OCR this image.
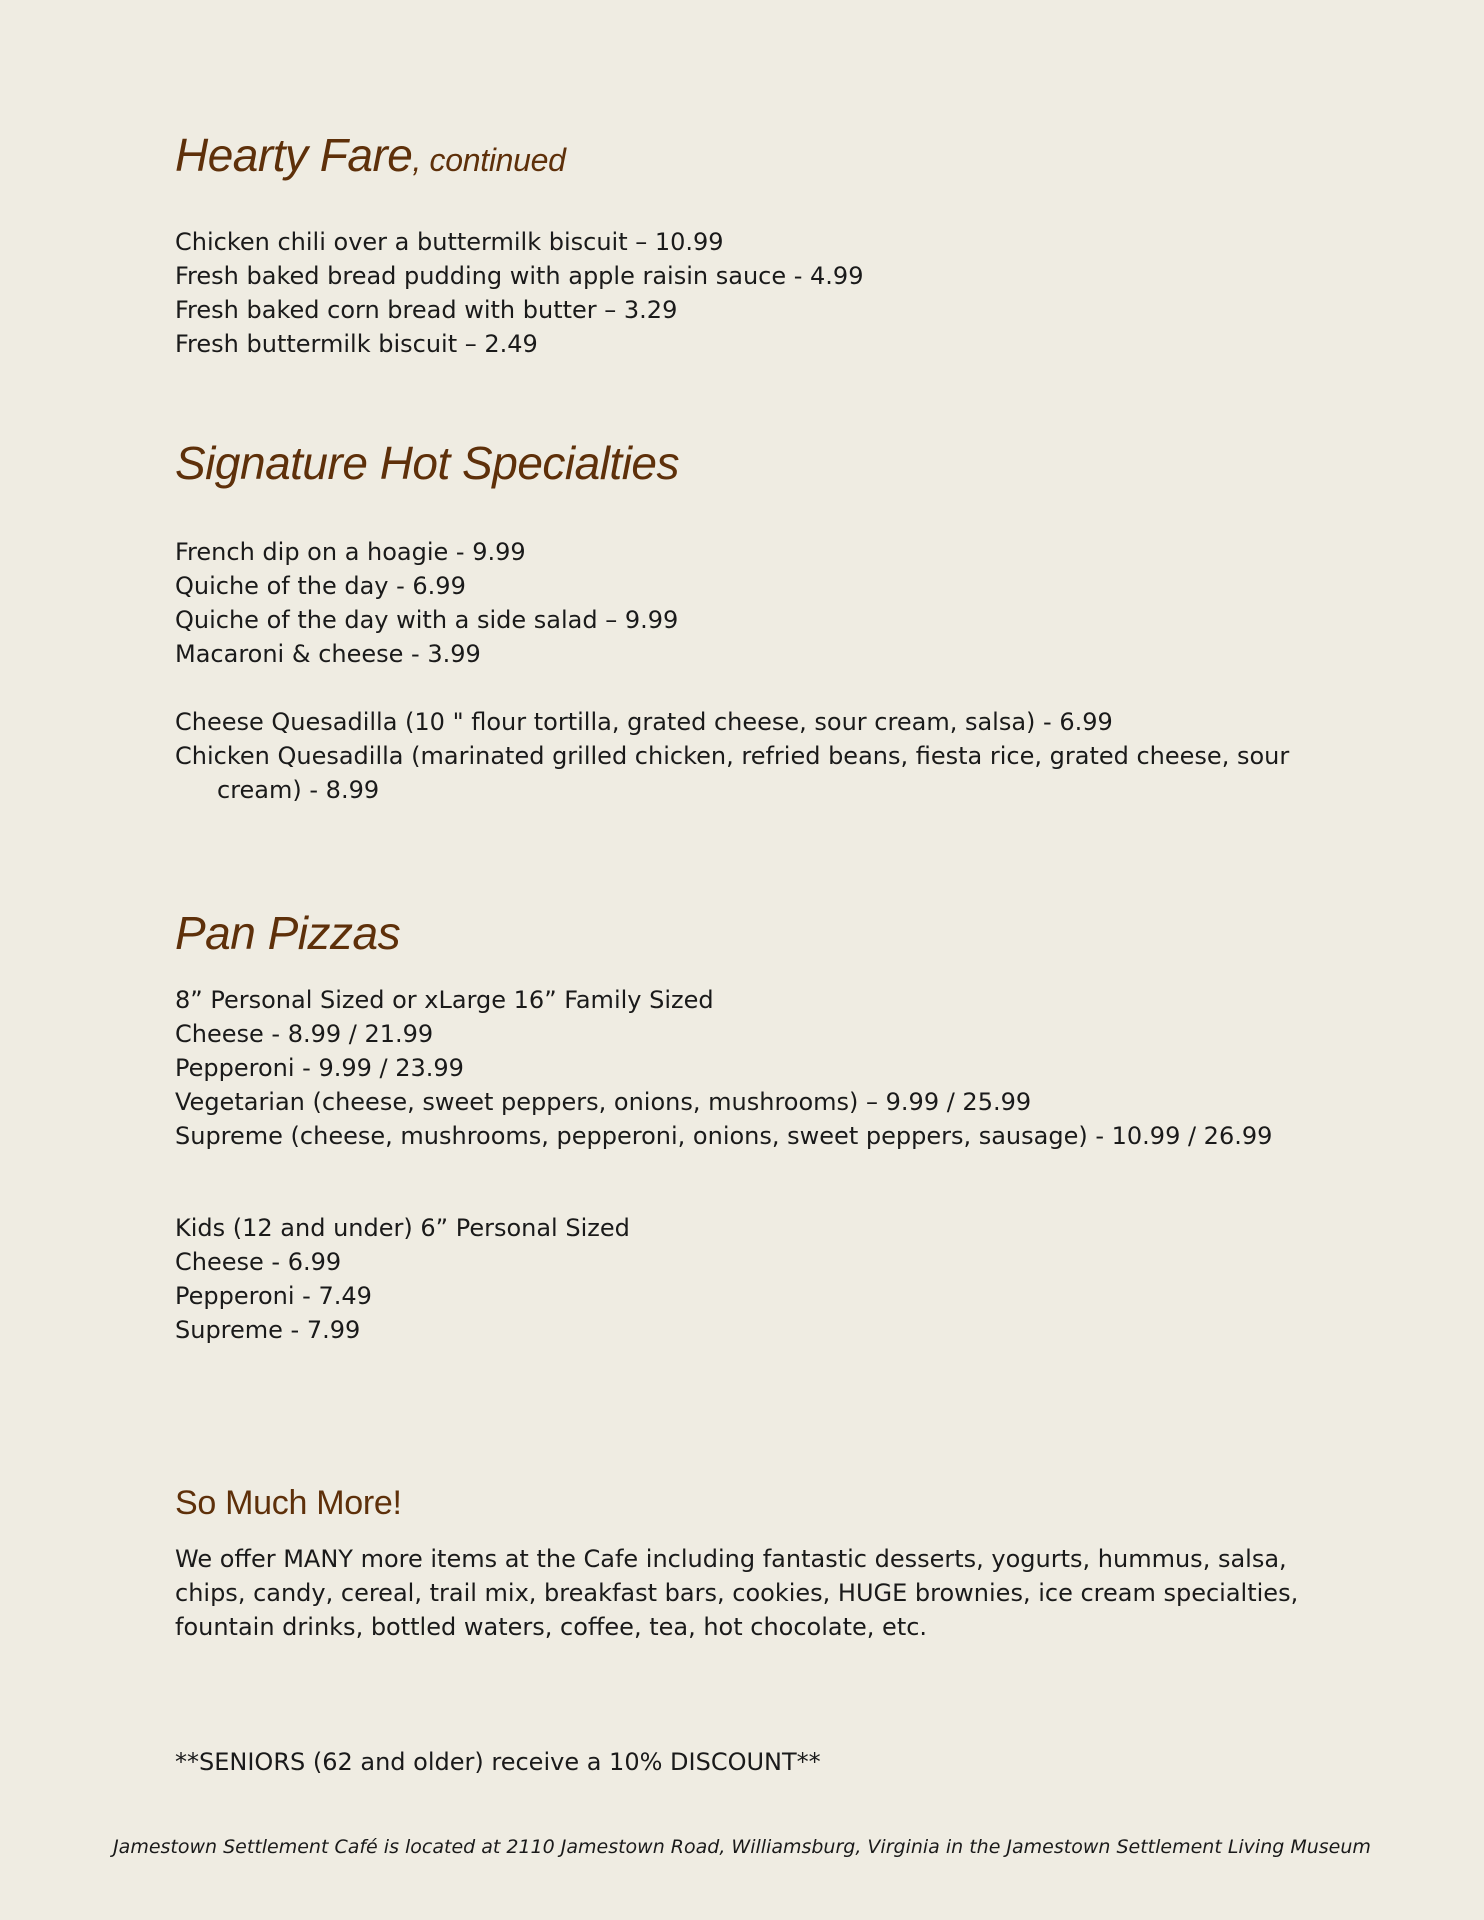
Hearty Fare, continued
Chicken chili over a buttermilk biscuit – 10.99
Fresh baked bread pudding with apple raisin sauce - 4.99
Fresh baked corn bread with butter – 3.29
Fresh buttermilk biscuit – 2.49
Signature Hot Specialties
French dip on a hoagie - 9.99
Quiche of the day - 6.99
Quiche of the day with a side salad – 9.99
Macaroni & cheese - 3.99
Cheese Quesadilla (10 " flour tortilla, grated cheese, sour cream, salsa) - 6.99
Chicken Quesadilla (marinated grilled chicken, refried beans, fiesta rice, grated cheese, sour cream) - 8.99
Pan Pizzas
8” Personal Sized or xLarge 16” Family Sized
Cheese - 8.99 / 21.99
Pepperoni - 9.99 / 23.99
Vegetarian (cheese, sweet peppers, onions, mushrooms) – 9.99 / 25.99
Supreme (cheese, mushrooms, pepperoni, onions, sweet peppers, sausage) - 10.99 / 26.99
Kids (12 and under) 6” Personal Sized
Cheese - 6.99
Pepperoni - 7.49
Supreme - 7.99
So Much More!

We offer MANY more items at the Cafe including fantastic desserts, yogurts, hummus, salsa, chips, candy, cereal, trail mix, breakfast bars, cookies, HUGE brownies, ice cream specialties, fountain drinks, bottled waters, coffee, tea, hot chocolate, etc.

**SENIORS (62 and older) receive a 10% DISCOUNT**

Jamestown Settlement Café is located at 2110 Jamestown Road, Williamsburg, Virginia in the Jamestown Settlement Living Museum
